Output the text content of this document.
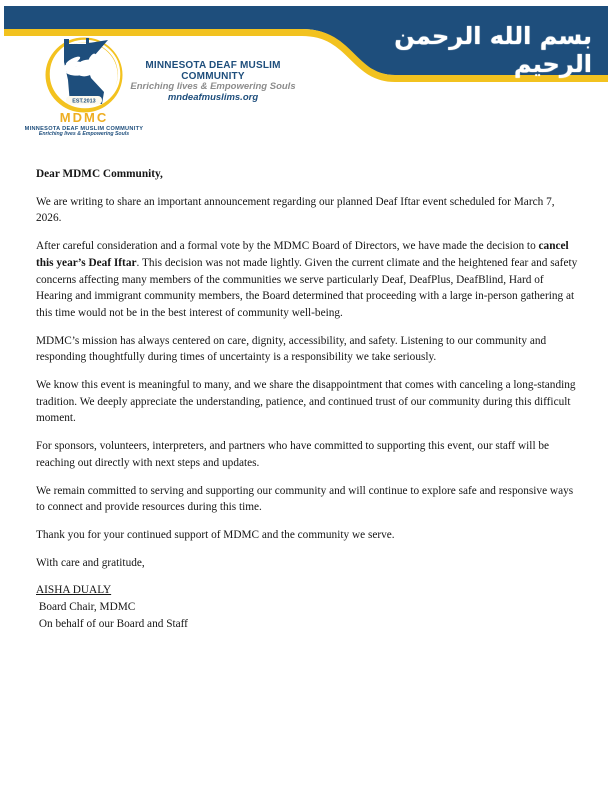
بسم الله الرحمن الرحيم
MINNESOTA DEAF MUSLIM COMMUNITY
Enriching lives & Empowering Souls
mndeafmuslims.org
EST.2013
MDMC
MINNESOTA DEAF MUSLIM COMMUNITY
Enriching lives & Empowering Souls

Dear MDMC Community,

We are writing to share an important announcement regarding our planned Deaf Iftar event scheduled for March 7, 2026.

After careful consideration and a formal vote by the MDMC Board of Directors, we have made the decision to cancel this year’s Deaf Iftar. This decision was not made lightly. Given the current climate and the heightened fear and safety concerns affecting many members of the communities we serve particularly Deaf, DeafPlus, DeafBlind, Hard of Hearing and immigrant community members, the Board determined that proceeding with a large in-person gathering at this time would not be in the best interest of community well-being.

MDMC’s mission has always centered on care, dignity, accessibility, and safety. Listening to our community and responding thoughtfully during times of uncertainty is a responsibility we take seriously.

We know this event is meaningful to many, and we share the disappointment that comes with canceling a long-standing tradition. We deeply appreciate the understanding, patience, and continued trust of our community during this difficult moment.

For sponsors, volunteers, interpreters, and partners who have committed to supporting this event, our staff will be reaching out directly with next steps and updates.

We remain committed to serving and supporting our community and will continue to explore safe and responsive ways to connect and provide resources during this time.

Thank you for your continued support of MDMC and the community we serve.

With care and gratitude,

AISHA DUALY
Board Chair, MDMC
On behalf of our Board and Staff
